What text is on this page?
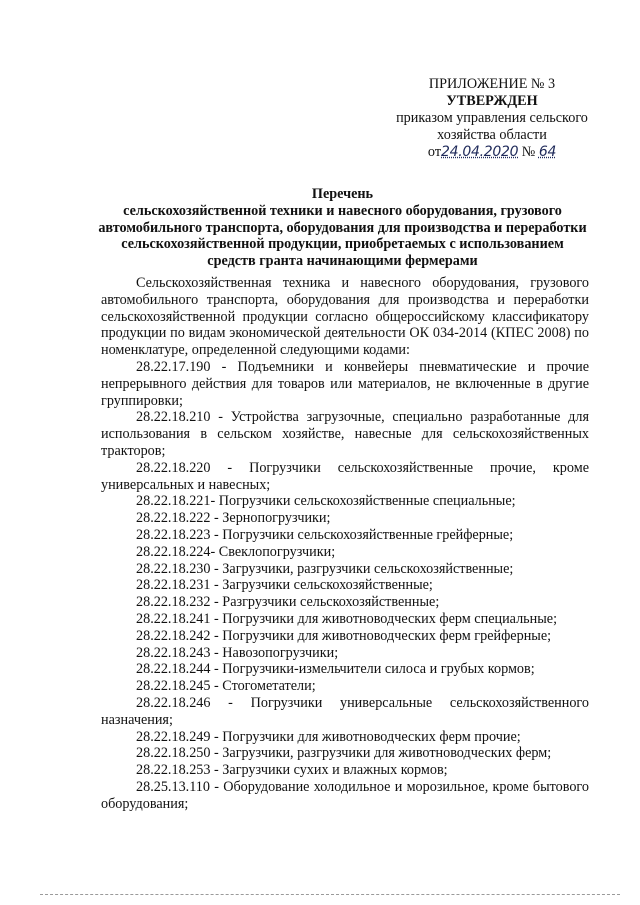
ПРИЛОЖЕНИЕ № 3
УТВЕРЖДЕН
приказом управления сельского
хозяйства области
от24.04.2020 № 64
Перечень
сельскохозяйственной техники и навесного оборудования, грузового
автомобильного транспорта, оборудования для производства и переработки
сельскохозяйственной продукции, приобретаемых с использованием
средств гранта начинающими фермерами

Сельскохозяйственная техника и навесного оборудования, грузового автомобильного транспорта, оборудования для производства и переработки сельскохозяйственной продукции согласно общероссийскому классификатору продукции по видам экономической деятельности ОК 034-2014 (КПЕС 2008) по номенклатуре, определенной следующими кодами:

28.22.17.190 - Подъемники и конвейеры пневматические и прочие непрерывного действия для товаров или материалов, не включенные в другие группировки;

28.22.18.210 - Устройства загрузочные, специально разработанные для использования в сельском хозяйстве, навесные для сельскохозяйственных тракторов;

28.22.18.220 - Погрузчики сельскохозяйственные прочие, кроме универсальных и навесных;

28.22.18.221- Погрузчики сельскохозяйственные специальные;

28.22.18.222 - Зернопогрузчики;

28.22.18.223 - Погрузчики сельскохозяйственные грейферные;

28.22.18.224- Свеклопогрузчики;

28.22.18.230 - Загрузчики, разгрузчики сельскохозяйственные;

28.22.18.231 - Загрузчики сельскохозяйственные;

28.22.18.232 - Разгрузчики сельскохозяйственные;

28.22.18.241 - Погрузчики для животноводческих ферм специальные;

28.22.18.242 - Погрузчики для животноводческих ферм грейферные;

28.22.18.243 - Навозопогрузчики;

28.22.18.244 - Погрузчики-измельчители силоса и грубых кормов;

28.22.18.245 - Стогометатели;

28.22.18.246 - Погрузчики универсальные сельскохозяйственного назначения;

28.22.18.249 - Погрузчики для животноводческих ферм прочие;

28.22.18.250 - Загрузчики, разгрузчики для животноводческих ферм;

28.22.18.253 - Загрузчики сухих и влажных кормов;

28.25.13.110 - Оборудование холодильное и морозильное, кроме бытового оборудования;
